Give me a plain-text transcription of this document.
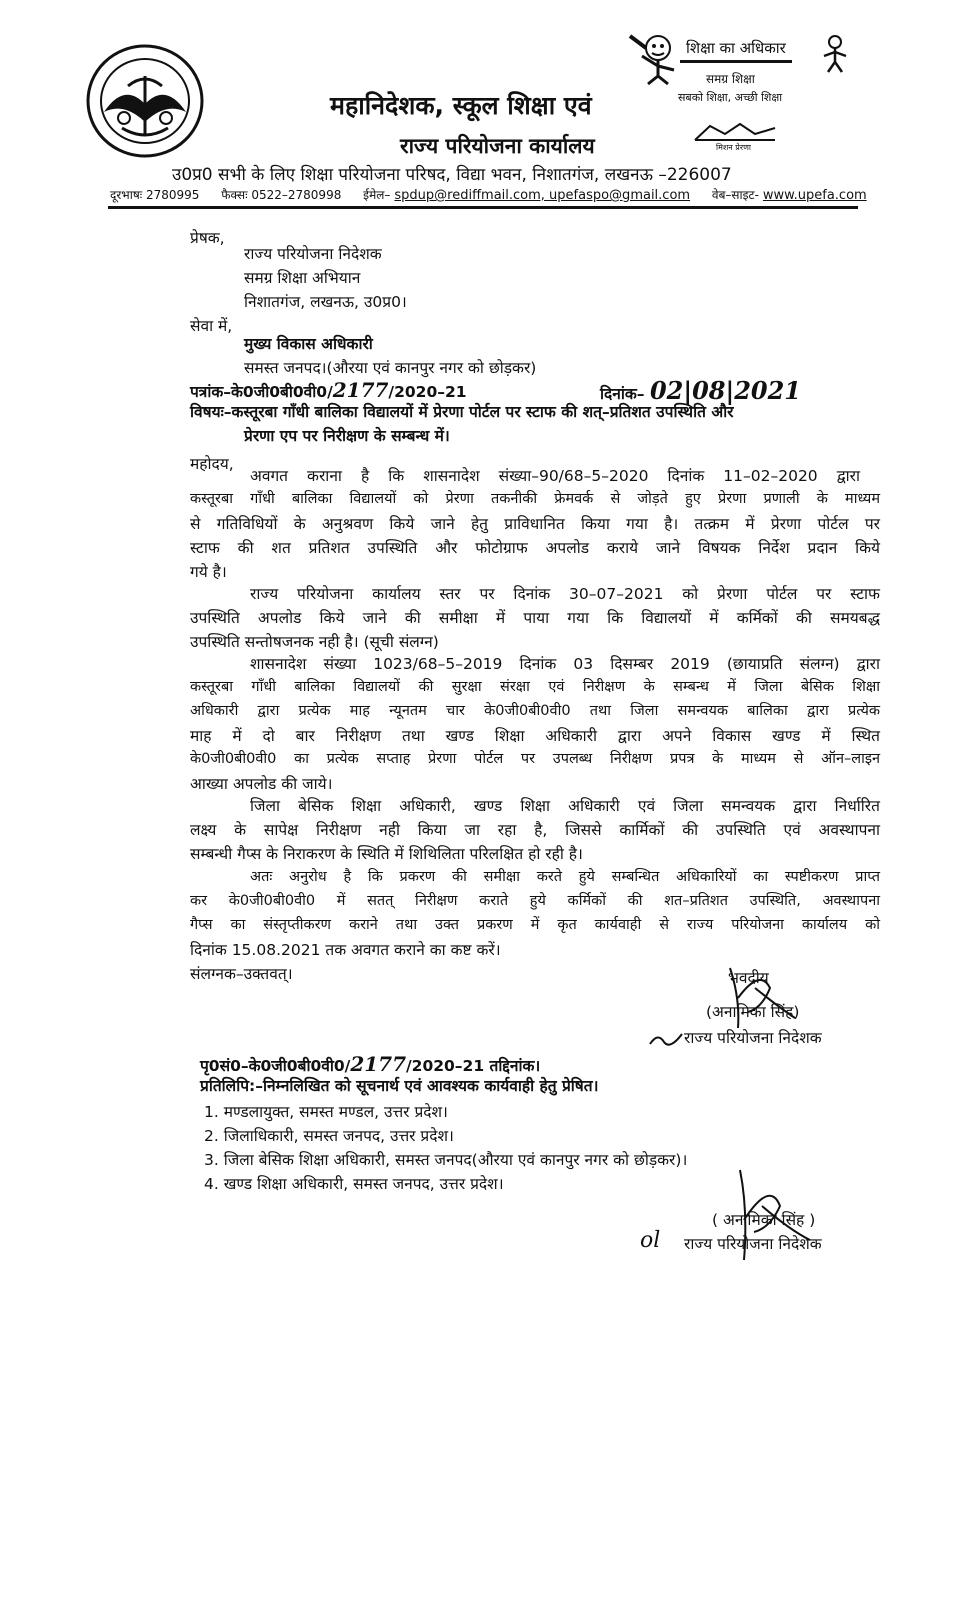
महानिदेशक, स्कूल शिक्षा एवं
राज्य परियोजना कार्यालय
शिक्षा का अधिकार
समग्र शिक्षा
सबको शिक्षा, अच्छी शिक्षा
मिशन प्रेरणा
उ0प्र0 सभी के लिए शिक्षा परियोजना परिषद, विद्या भवन, निशातगंज, लखनऊ –226007
दूरभाषः 2780995 फैक्सः 0522–2780998 ईमेल– spdup@rediffmail.com, upefaspo@gmail.com वेब–साइट- www.upefa.com
प्रेषक,
राज्य परियोजना निदेशक
समग्र शिक्षा अभियान
निशातगंज, लखनऊ, उ0प्र0।
सेवा में,
मुख्य विकास अधिकारी
समस्त जनपद।(औरया एवं कानपुर नगर को छोड़कर)
पत्रांक–के0जी0बी0वी0/2177/2020–21	दिनांक– 02|08|2021
विषयः–कस्तूरबा गाँधी बालिका विद्यालयों में प्रेरणा पोर्टल पर स्टाफ की शत्–प्रतिशत उपस्थिति और
प्रेरणा एप पर निरीक्षण के सम्बन्ध में।
महोदय,
अवगत कराना है कि शासनादेश संख्या–90/68–5–2020 दिनांक 11–02–2020 द्वारा
कस्तूरबा गाँधी बालिका विद्यालयों को प्रेरणा तकनीकी फ्रेमवर्क से जोड़ते हुए प्रेरणा प्रणाली के माध्यम
से गतिविधियों के अनुश्रवण किये जाने हेतु प्राविधानित किया गया है। तत्क्रम में प्रेरणा पोर्टल पर
स्टाफ की शत प्रतिशत उपस्थिति और फोटोग्राफ अपलोड कराये जाने विषयक निर्देश प्रदान किये
गये है।
राज्य परियोजना कार्यालय स्तर पर दिनांक 30–07–2021 को प्रेरणा पोर्टल पर स्टाफ
उपस्थिति अपलोड किये जाने की समीक्षा में पाया गया कि विद्यालयों में कर्मिकों की समयबद्ध
उपस्थिति सन्तोषजनक नही है। (सूची संलग्न)
शासनादेश संख्या 1023/68–5–2019 दिनांक 03 दिसम्बर 2019 (छायाप्रति संलग्न) द्वारा
कस्तूरबा गाँधी बालिका विद्यालयों की सुरक्षा संरक्षा एवं निरीक्षण के सम्बन्ध में जिला बेसिक शिक्षा
अधिकारी द्वारा प्रत्येक माह न्यूनतम चार के0जी0बी0वी0 तथा जिला समन्वयक बालिका द्वारा प्रत्येक
माह में दो बार निरीक्षण तथा खण्ड शिक्षा अधिकारी द्वारा अपने विकास खण्ड में स्थित
के0जी0बी0वी0 का प्रत्येक सप्ताह प्रेरणा पोर्टल पर उपलब्ध निरीक्षण प्रपत्र के माध्यम से ऑन–लाइन
आख्या अपलोड की जाये।
जिला बेसिक शिक्षा अधिकारी, खण्ड शिक्षा अधिकारी एवं जिला समन्वयक द्वारा निर्धारित
लक्ष्य के सापेक्ष निरीक्षण नही किया जा रहा है, जिससे कार्मिकों की उपस्थिति एवं अवस्थापना
सम्बन्धी गैप्स के निराकरण के स्थिति में शिथिलिता परिलक्षित हो रही है।
अतः अनुरोध है कि प्रकरण की समीक्षा करते हुये सम्बन्धित अधिकारियों का स्पष्टीकरण प्राप्त
कर के0जी0बी0वी0 में सतत् निरीक्षण कराते हुये कर्मिकों की शत–प्रतिशत उपस्थिति, अवस्थापना
गैप्स का संस्तृप्तीकरण कराने तथा उक्त प्रकरण में कृत कार्यवाही से राज्य परियोजना कार्यालय को
दिनांक 15.08.2021 तक अवगत कराने का कष्ट करें।
संलग्नक–उक्तवत्।	भवदीय
(अनामिका सिंह)
राज्य परियोजना निदेशक
पृ0सं0–के0जी0बी0वी0/2177/2020–21 तद्दिनांक।
प्रतिलिपि:–निम्नलिखित को सूचनार्थ एवं आवश्यक कार्यवाही हेतु प्रेषित।
1. मण्डलायुक्त, समस्त मण्डल, उत्तर प्रदेश।
2. जिलाधिकारी, समस्त जनपद, उत्तर प्रदेश।
3. जिला बेसिक शिक्षा अधिकारी, समस्त जनपद(औरया एवं कानपुर नगर को छोड़कर)।
4. खण्ड शिक्षा अधिकारी, समस्त जनपद, उत्तर प्रदेश।
( अनामिका सिंह )
ol राज्य परियोजना निदेशक
